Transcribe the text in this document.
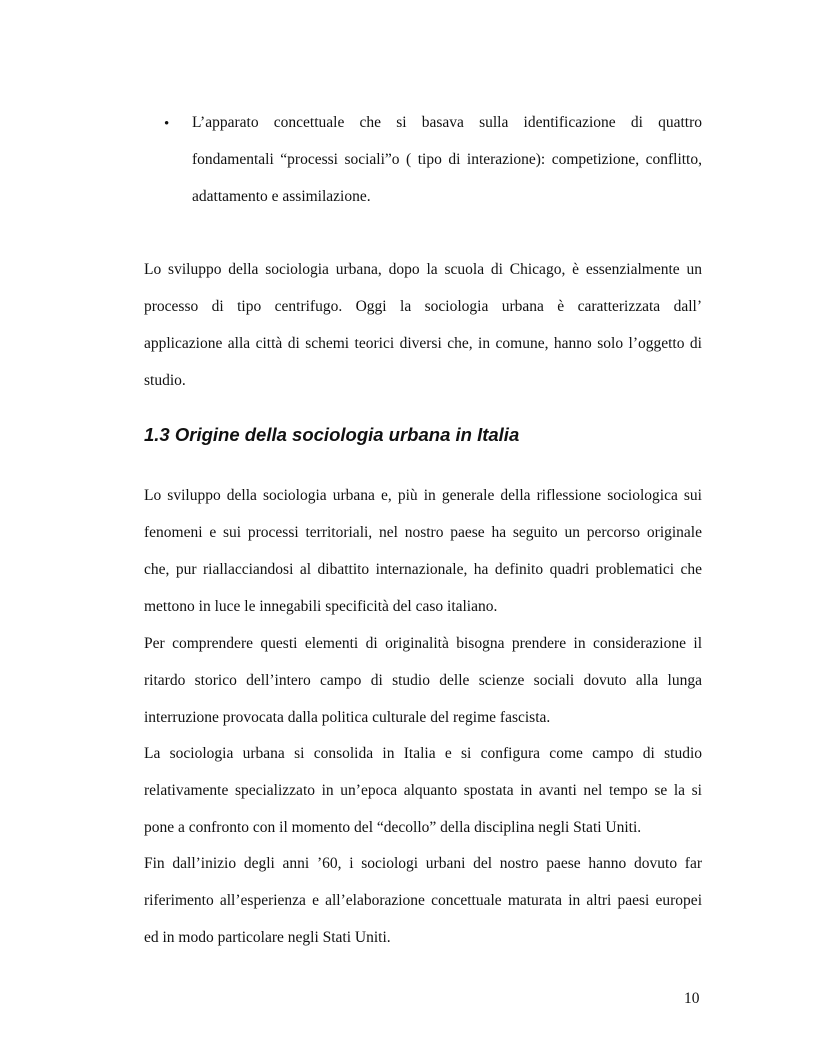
• L’apparato concettuale che si basava sulla identificazione di quattro

fondamentali “processi sociali”o ( tipo di interazione): competizione, conflitto,

adattamento e assimilazione.

Lo sviluppo della sociologia urbana, dopo la scuola di Chicago, è essenzialmente un

processo di tipo centrifugo. Oggi la sociologia urbana è caratterizzata dall’

applicazione alla città di schemi teorici diversi che, in comune, hanno solo l’oggetto di

studio.

1.3 Origine della sociologia urbana in Italia

Lo sviluppo della sociologia urbana e, più in generale della riflessione sociologica sui

fenomeni e sui processi territoriali, nel nostro paese ha seguito un percorso originale

che, pur riallacciandosi al dibattito internazionale, ha definito quadri problematici che

mettono in luce le innegabili specificità del caso italiano.

Per comprendere questi elementi di originalità bisogna prendere in considerazione il

ritardo storico dell’intero campo di studio delle scienze sociali dovuto alla lunga

interruzione provocata dalla politica culturale del regime fascista.

La sociologia urbana si consolida in Italia e si configura come campo di studio

relativamente specializzato in un’epoca alquanto spostata in avanti nel tempo se la si

pone a confronto con il momento del “decollo” della disciplina negli Stati Uniti.

Fin dall’inizio degli anni ’60, i sociologi urbani del nostro paese hanno dovuto far

riferimento all’esperienza e all’elaborazione concettuale maturata in altri paesi europei

ed in modo particolare negli Stati Uniti.

10
